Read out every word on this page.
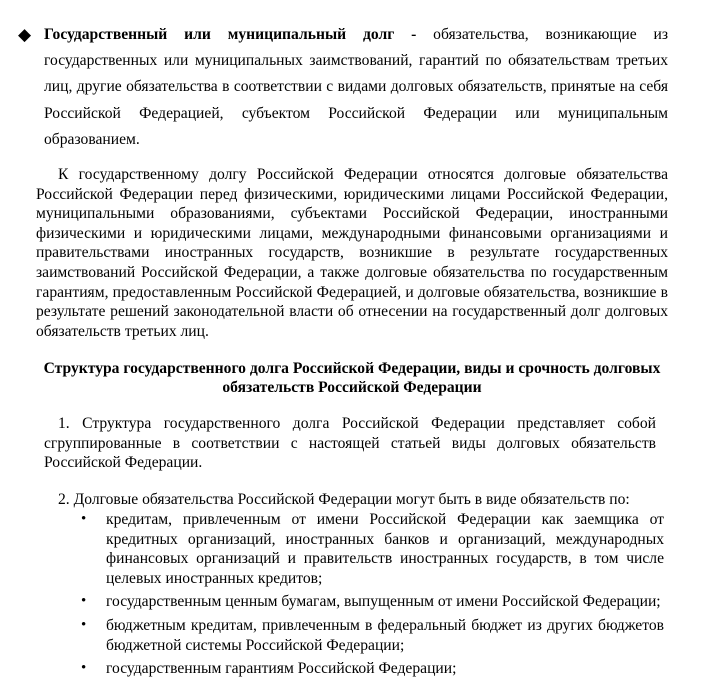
◆ Государственный или муниципальный долг - обязательства, возникающие из государственных или муниципальных заимствований, гарантий по обязательствам третьих лиц, другие обязательства в соответствии с видами долговых обязательств, принятые на себя Российской Федерацией, субъектом Российской Федерации или муниципальным образованием.

К государственному долгу Российской Федерации относятся долговые обязательства Российской Федерации перед физическими, юридическими лицами Российской Федерации, муниципальными образованиями, субъектами Российской Федерации, иностранными физическими и юридическими лицами, международными финансовыми организациями и правительствами иностранных государств, возникшие в результате государственных заимствований Российской Федерации, а также долговые обязательства по государственным гарантиям, предоставленным Российской Федерацией, и долговые обязательства, возникшие в результате решений законодательной власти об отнесении на государственный долг долговых обязательств третьих лиц.

Структура государственного долга Российской Федерации, виды и срочность долговых обязательств Российской Федерации

1. Структура государственного долга Российской Федерации представляет собой сгруппированные в соответствии с настоящей статьей виды долговых обязательств Российской Федерации.

2. Долговые обязательства Российской Федерации могут быть в виде обязательств по:

• кредитам, привлеченным от имени Российской Федерации как заемщика от кредитных организаций, иностранных банков и организаций, международных финансовых организаций и правительств иностранных государств, в том числе целевых иностранных кредитов;
• государственным ценным бумагам, выпущенным от имени Российской Федерации;
• бюджетным кредитам, привлеченным в федеральный бюджет из других бюджетов бюджетной системы Российской Федерации;
• государственным гарантиям Российской Федерации;
